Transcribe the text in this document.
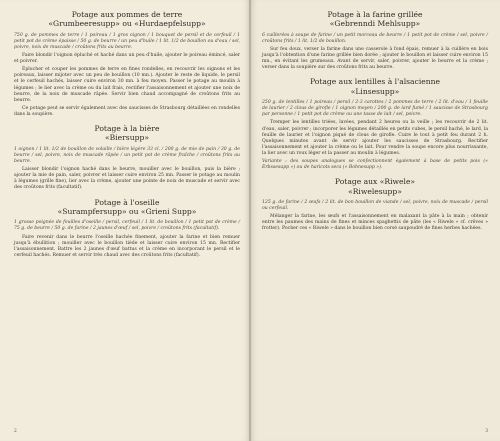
Potage aux pommes de terre
«Grumbeeresupp» ou «Hurdaepfelsupp»

750 g. de pommes de terre / 1 poireau / 1 gros oignon / 1 bouquet de persil et de cerfeuil / 1 petit pot de crème épaisse / 50 g. de beurre / un peu d'huile / 1 lit. 1/2 de bouillon ou d'eau / sel, poivre, noix de muscade / croûtons frits au beurre.

Faire blondir l'oignon épluché et haché dans un peu d'huile, ajouter le poireau émincé, saler et poivrer.

Éplucher et couper les pommes de terre en fines rondelles, en recouvrir les oignons et les poireaux, laisser mijoter avec un peu de bouillon (10 mn.). Ajouter le reste de liquide, le persil et le cerfeuil hachés, laisser cuire environ 30 mn. à feu moyen. Passer le potage au moulin à légumes ; le lier avec la crème ou du lait frais, rectifier l'assaisonnement et ajouter une noix de beurre, de la noix de muscade râpée. Servir bien chaud accompagné de croûtons frits au beurre.

Ce potage peut se servir également avec des saucisses de Strasbourg détaillées en rondelles dans la soupière.

Potage à la bière
«Biersupp»

1 oignon / 1 lit. 1/2 de bouillon de volaille / bière légère 33 cl. / 200 g. de mie de pain / 30 g. de beurre / sel, poivre, noix de muscade râpée / un petit pot de crème fraîche / croûtons frits au beurre.

Laisser blondir l'oignon haché dans le beurre, mouiller avec le bouillon, puis la bière ; ajouter la mie de pain, saler, poivrer et laisser cuire environ 25 mn. Passer le potage au moulin à légumes (grille fine), lier avec la crème, ajouter une pointe de noix de muscade et servir avec des croûtons frits (facultatif).

Potage à l'oseille
«Surampfersupp» ou «Grieni Supp»

1 grosse poignée de feuilles d'oseille / persil, cerfeuil / 1 lit. de bouillon / 1 petit pot de crème / 75 g. de beurre / 50 g. de farine / 2 jaunes d'œuf / sel, poivre / croûtons frits (facultatif).

Faire revenir dans le beurre l'oseille hachée finement, ajouter la farine et bien remuer jusqu'à ébullition ; mouiller avec le bouillon tiède et laisser cuire environ 15 mn. Rectifier l'assaisonnement. Battre les 2 jaunes d'œuf battus et la crème en incorporant le persil et le cerfeuil hachés. Remuer et servir très chaud avec des croûtons frits (facultatif).

2
Potage à la farine grillée
«Gebrenndi Mehlsupp»

6 cuillerées à soupe de farine / un petit morceau de beurre / 1 petit pot de crème / sel, poivre / croûtons frits / 1 lit. 1/2 de bouillon.

Sur feu doux, verser la farine dans une casserole à fond épais, remuer à la cuillère en bois jusqu'à l'obtention d'une farine grillée bien dorée ; ajouter le bouillon et laisser cuire environ 15 mn., en évitant les grumeaux. Avant de servir, saler, poivrer, ajouter le beurre et la crème ; verser dans la soupière sur des croûtons frits au beurre.

Potage aux lentilles à l'alsacienne
«Linsesupp»

250 g. de lentilles / 1 poireau / persil / 2-3 carottes / 2 pommes de terre / 2 lit. d'eau / 1 feuille de laurier / 2 clous de girofle / 1 oignon moyen / 200 g. de lard fumé / 1 saucisse de Strasbourg par personne / 1 petit pot de crème ou une tasse de lait / sel, poivre.

Tremper les lentilles triées, lavées, pendant 2 heures ou la veille ; les recouvrir de 2 lit. d'eau, saler, poivrer ; incorporer les légumes détaillés en petits cubes, le persil haché, le lard, la feuille de laurier et l'oignon piqué de clous de girofle. Cuire le tout à petit feu durant 2 h. Quelques minutes avant de servir ajouter les saucisses de Strasbourg. Rectifier l'assaisonnement et ajouter la crème ou le lait. Pour rendre la soupe encore plus nourrissante, la lier avec un roux léger et la passer au moulin à légumes.

Variante : des soupes analogues se confectionnent également à base de petits pois (« Erbssesupp ») ou de haricots secs (« Bohnesupp »).

Potage aux «Riwele»
«Riwelesupp»

125 g. de farine / 2 œufs / 2 lit. de bon bouillon de viande / sel, poivre, noix de muscade / persil ou cerfeuil.

Mélanger la farine, les œufs et l'assaisonnement en malaxant la pâte à la main ; obtenir entre les paumes des mains de fines et minces spaghettis de pâte (les « Riwele » cf. crêves » frotter). Pocher ces « Riwele » dans le bouillon bien corsé saupoudré de fines herbes hachées.

3
